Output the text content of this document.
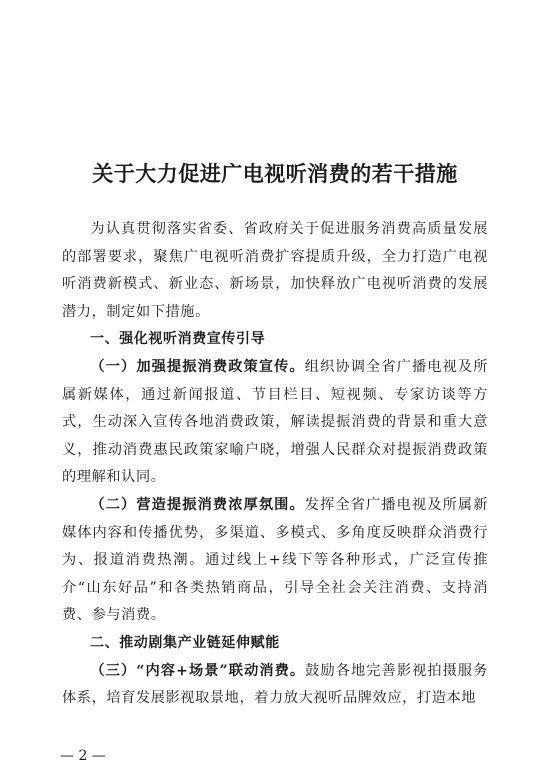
关于大力促进广电视听消费的若干措施

为认真贯彻落实省委、省政府关于促进服务消费高质量发展的部署要求，聚焦广电视听消费扩容提质升级，全力打造广电视听消费新模式、新业态、新场景，加快释放广电视听消费的发展潜力，制定如下措施。

一、强化视听消费宣传引导

（一）加强提振消费政策宣传。组织协调全省广播电视及所属新媒体，通过新闻报道、节目栏目、短视频、专家访谈等方式，生动深入宣传各地消费政策，解读提振消费的背景和重大意义，推动消费惠民政策家喻户晓，增强人民群众对提振消费政策的理解和认同。

（二）营造提振消费浓厚氛围。发挥全省广播电视及所属新媒体内容和传播优势，多渠道、多模式、多角度反映群众消费行为、报道消费热潮。通过线上+线下等各种形式，广泛宣传推介“山东好品”和各类热销商品，引导全社会关注消费、支持消费、参与消费。

二、推动剧集产业链延伸赋能

（三）“内容+场景”联动消费。鼓励各地完善影视拍摄服务体系，培育发展影视取景地，着力放大视听品牌效应，打造本地

— 2 —
